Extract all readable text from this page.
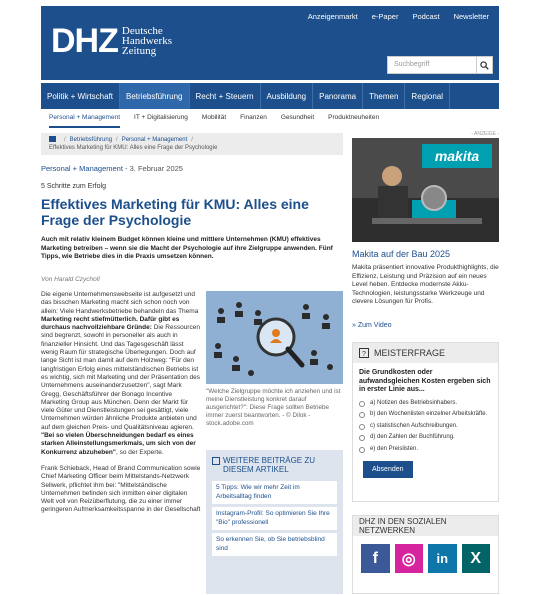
DHZ Deutsche
Handwerks
Zeitung
Anzeigenmarkt e-Paper Podcast Newsletter
Suchbegriff
Politik + Wirtschaft	Betriebsführung	Recht + Steuern	Ausbildung	Panorama	Themen	Regional
Personal + Management IT + Digitalisierung Mobilität Finanzen Gesundheit Produktneuheiten
/ Betriebsführung / Personal + Management /
Effektives Marketing für KMU: Alles eine Frage der Psychologie
Personal + Management - 3. Februar 2025
5 Schritte zum Erfolg
Effektives Marketing für KMU: Alles eine Frage der Psychologie

Auch mit relativ kleinem Budget können kleine und mittlere Unternehmen (KMU) effektives Marketing betreiben – wenn sie die Macht der Psychologie auf ihre Zielgruppe anwenden. Fünf Tipps, wie Betriebe dies in die Praxis umsetzen können.

Von Harald Czycholl

Die eigene Unternehmenswebseite ist aufgesetzt und das bisschen Marketing macht sich schon noch von allein: Viele Handwerksbetriebe behandeln das Thema Marketing recht stiefmütterlich. Dafür gibt es durchaus nachvollziehbare Gründe: Die Ressourcen sind begrenzt, sowohl in personeller als auch in finanzieller Hinsicht. Und das Tagesgeschäft lässt wenig Raum für strategische Überlegungen. Doch auf lange Sicht ist man damit auf dem Holzweg: "Für den langfristigen Erfolg eines mittelständischen Betriebs ist es wichtig, sich mit Marketing und der Präsentation des Unternehmens auseinanderzusetzen", sagt Mark Gregg, Geschäftsführer der Bonago Incentive Marketing Group aus München. Denn der Markt für viele Güter und Dienstleistungen sei gesättigt, viele Unternehmen würden ähnliche Produkte anbieten und auf dem gleichen Preis- und Qualitätsniveau agieren. "Bei so vielen Überschneidungen bedarf es eines starken Alleinstellungsmerkmals, um sich von der Konkurrenz abzuheben", so der Experte.

Frank Schieback, Head of Brand Communication sowie Chief Marketing Officer beim Mittelstands-Netzwerk Sellwerk, pflichtet ihm bei: "Mittelständische Unternehmen befinden sich inmitten einer digitalen Welt voll von Reizüberflutung, die zu einer immer geringeren Aufmerksamkeitsspanne in der Gesellschaft

"Welche Zielgruppe möchte ich anziehen und ist meine Dienstleistung konkret darauf ausgerichtet?": Diese Frage sollten Betriebe immer zuerst beantworten. - © Dilok - stock.adobe.com
WEITERE BEITRÄGE ZU DIESEM ARTIKEL
5 Tipps: Wie wir mehr Zeit im Arbeitsalltag finden
Instagram-Profil: So optimieren Sie Ihre "Bio" professionell
So erkennen Sie, ob Sie betriebsblind sind
- ANZEIGE -
makita
Makita auf der Bau 2025
Makita präsentiert innovative Produkthighlights, die Effizienz, Leistung und Präzision auf ein neues Level heben. Entdecke modernste Akku-Technologien, leistungsstarke Werkzeuge und clevere Lösungen für Profis.
» Zum Video
? MEISTERFRAGE
Die Grundkosten oder aufwandsgleichen Kosten ergeben sich in erster Linie aus...
a) Notizen des Betriebsinhabers.
b) den Wochenlisten einzelner Arbeitskräfte.
c) statistischen Aufschreibungen.
d) den Zahlen der Buchführung.
e) den Preislisten.
Absenden
DHZ IN DEN SOZIALEN NETZWERKEN
f	◎	in	X
